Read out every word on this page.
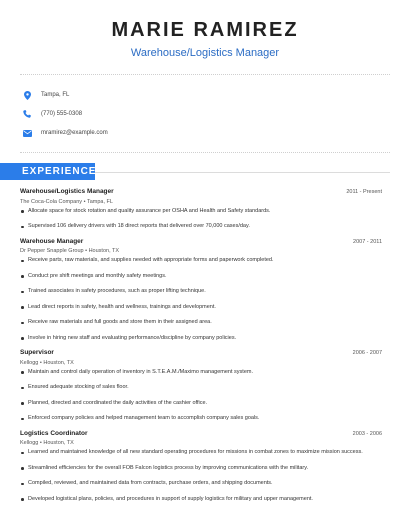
MARIE RAMIREZ
Warehouse/Logistics Manager
Tampa, FL
(770) 555-0308
mramirez@example.com
EXPERIENCE
Warehouse/Logistics Manager	2011 - Present
The Coca-Cola Company • Tampa, FL
Allocate space for stock rotation and quality assurance per OSHA and Health and Safety standards.
Supervised 106 delivery drivers with 18 direct reports that delivered over 70,000 cases/day.
Warehouse Manager	2007 - 2011
Dr Pepper Snapple Group • Houston, TX
Receive parts, raw materials, and supplies needed with appropriate forms and paperwork completed.
Conduct pre shift meetings and monthly safety meetings.
Trained associates in safety procedures, such as proper lifting technique.
Lead direct reports in safety, health and wellness, trainings and development.
Receive raw materials and full goods and store them in their assigned area.
Involve in hiring new staff and evaluating performance/discipline by company policies.
Supervisor	2006 - 2007
Kellogg • Houston, TX
Maintain and control daily operation of inventory in S.T.E.A.M./Maximo management system.
Ensured adequate stocking of sales floor.
Planned, directed and coordinated the daily activities of the cashier office.
Enforced company policies and helped management team to accomplish company sales goals.
Logistics Coordinator	2003 - 2006
Kellogg • Houston, TX
Learned and maintained knowledge of all new standard operating procedures for missions in combat zones to maximize mission success.
Streamlined efficiencies for the overall FOB Falcon logistics process by improving communications with the military.
Compiled, reviewed, and maintained data from contracts, purchase orders, and shipping documents.
Developed logistical plans, policies, and procedures in support of supply logistics for military and upper management.
